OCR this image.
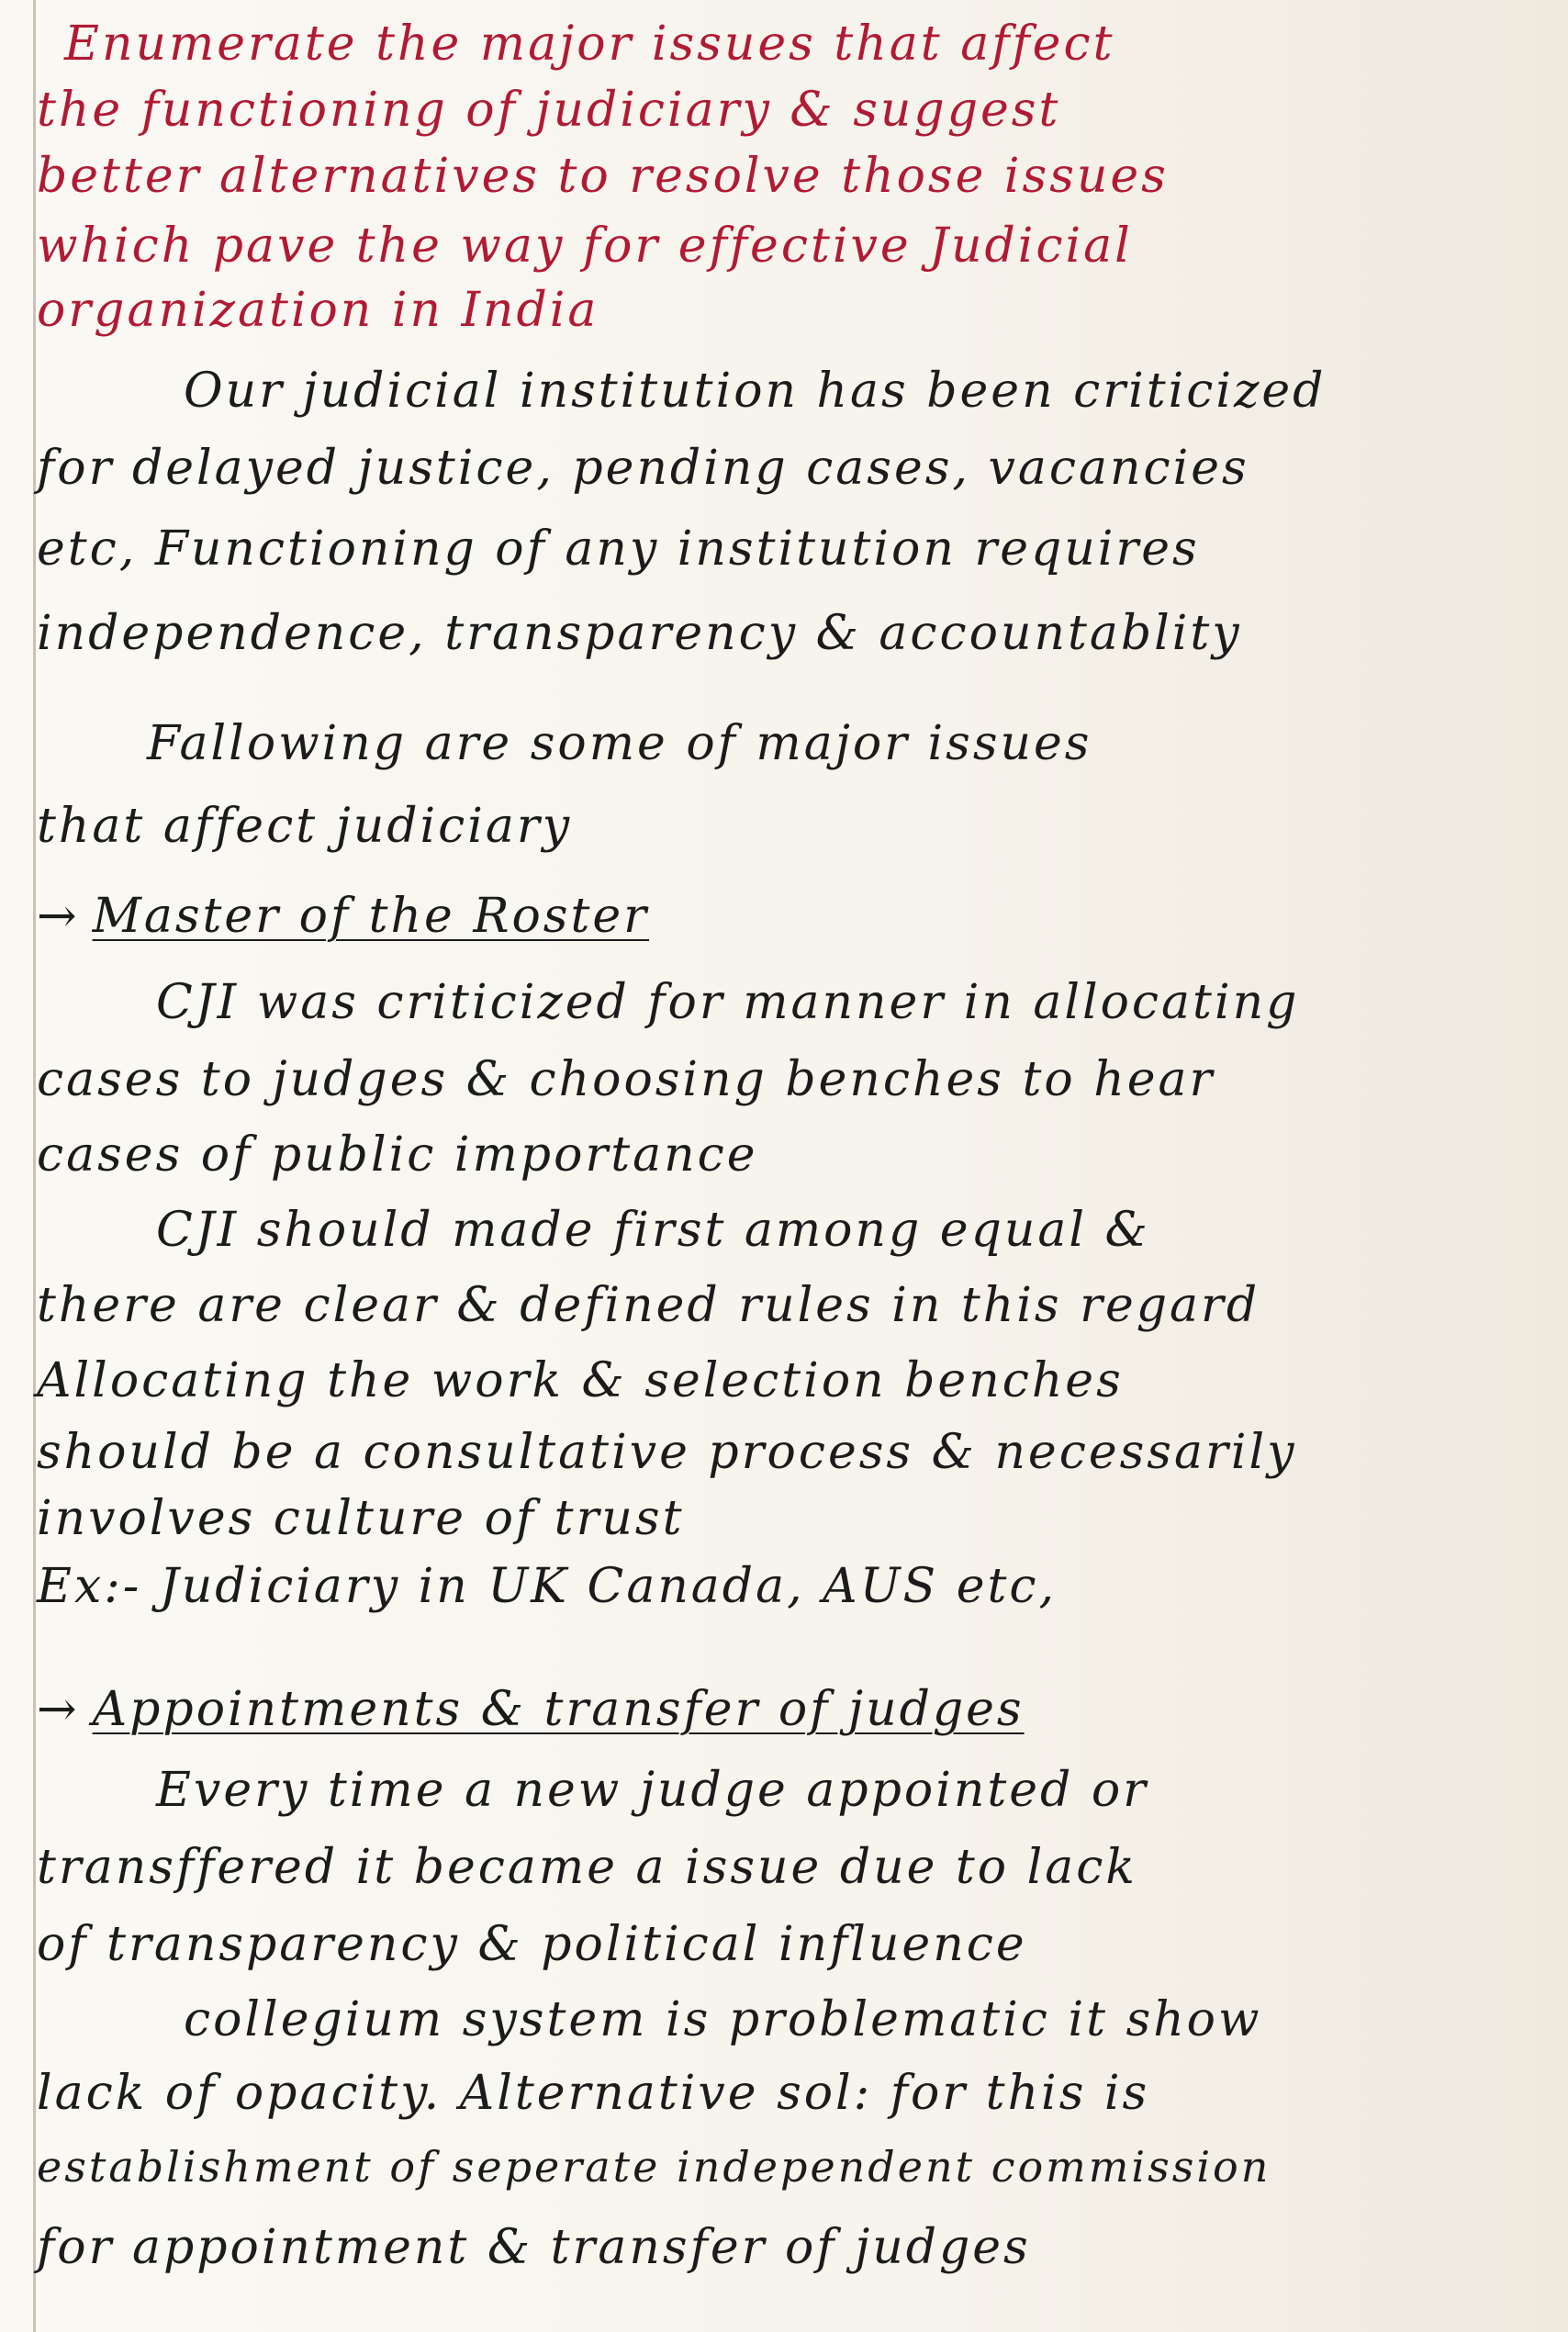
Enumerate the major issues that affect
the functioning of judiciary & suggest
better alternatives to resolve those issues
which pave the way for effective Judicial
organization in India
Our judicial institution has been criticized
for delayed justice, pending cases, vacancies
etc, Functioning of any institution requires
independence, transparency & accountablity
Fallowing are some of major issues
that affect judiciary
→ Master of the Roster
CJI was criticized for manner in allocating
cases to judges & choosing benches to hear
cases of public importance
CJI should made first among equal &
there are clear & defined rules in this regard
Allocating the work & selection benches
should be a consultative process & necessarily
involves culture of trust
Ex:- Judiciary in UK Canada, AUS etc,
→ Appointments & transfer of judges
Every time a new judge appointed or
transffered it became a issue due to lack
of transparency & political influence
collegium system is problematic it show
lack of opacity. Alternative sol: for this is
establishment of seperate independent commission
for appointment & transfer of judges
